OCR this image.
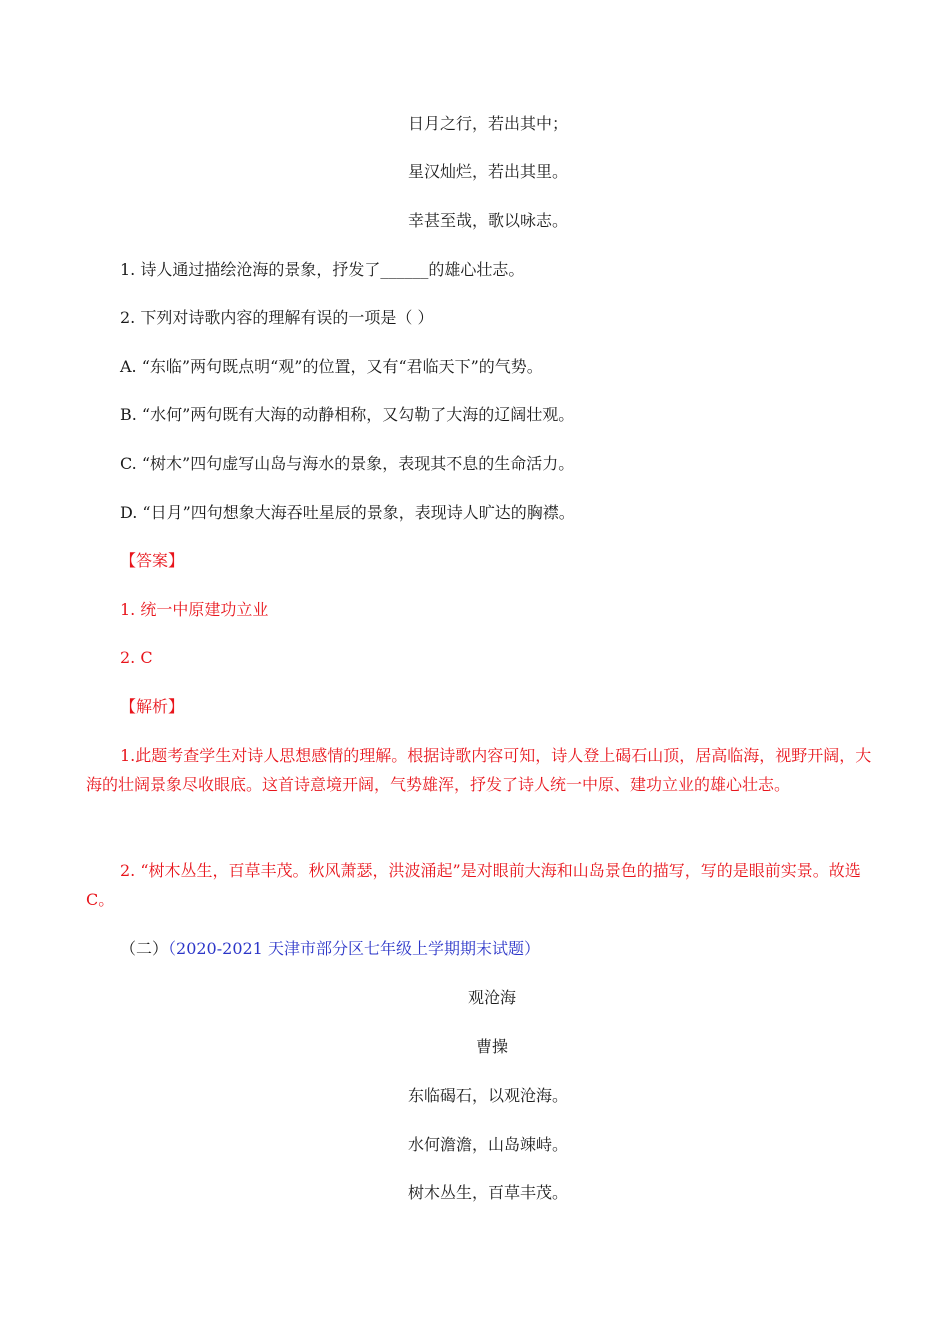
日月之行，若出其中；
星汉灿烂，若出其里。
幸甚至哉，歌以咏志。
1. 诗人通过描绘沧海的景象，抒发了______的雄心壮志。
2. 下列对诗歌内容的理解有误的一项是（ ）
A. “东临”两句既点明“观”的位置，又有“君临天下”的气势。
B. “水何”两句既有大海的动静相称，又勾勒了大海的辽阔壮观。
C. “树木”四句虚写山岛与海水的景象，表现其不息的生命活力。
D. “日月”四句想象大海吞吐星辰的景象，表现诗人旷达的胸襟。
【答案】
1. 统一中原建功立业
2. C
【解析】
1.此题考查学生对诗人思想感情的理解。根据诗歌内容可知，诗人登上碣石山顶，居高临海，视野开阔，大海的壮阔景象尽收眼底。这首诗意境开阔，气势雄浑，抒发了诗人统一中原、建功立业的雄心壮志。
2. “树木丛生，百草丰茂。秋风萧瑟，洪波涌起”是对眼前大海和山岛景色的描写，写的是眼前实景。故选C。
（二）（2020-2021 天津市部分区七年级上学期期末试题）
观沧海
曹操
东临碣石，以观沧海。
水何澹澹，山岛竦峙。
树木丛生，百草丰茂。
